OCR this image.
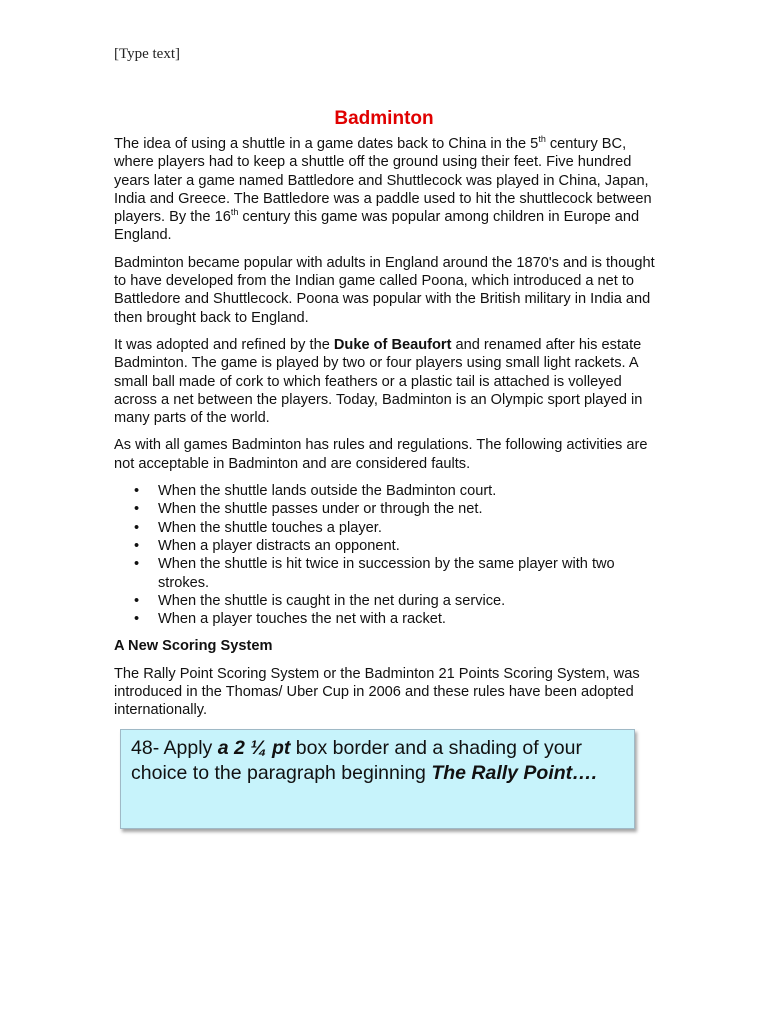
[Type text]
Badminton

The idea of using a shuttle in a game dates back to China in the 5th century BC, where players had to keep a shuttle off the ground using their feet. Five hundred years later a game named Battledore and Shuttlecock was played in China, Japan, India and Greece. The Battledore was a paddle used to hit the shuttlecock between players. By the 16th century this game was popular among children in Europe and England.

Badminton became popular with adults in England around the 1870's and is thought to have developed from the Indian game called Poona, which introduced a net to Battledore and Shuttlecock. Poona was popular with the British military in India and then brought back to England.

It was adopted and refined by the Duke of Beaufort and renamed after his estate Badminton. The game is played by two or four players using small light rackets. A small ball made of cork to which feathers or a plastic tail is attached is volleyed across a net between the players. Today, Badminton is an Olympic sport played in many parts of the world.

As with all games Badminton has rules and regulations. The following activities are not acceptable in Badminton and are considered faults.

• When the shuttle lands outside the Badminton court.
• When the shuttle passes under or through the net.
• When the shuttle touches a player.
• When a player distracts an opponent.
• When the shuttle is hit twice in succession by the same player with two strokes.
• When the shuttle is caught in the net during a service.
• When a player touches the net with a racket.

A New Scoring System

The Rally Point Scoring System or the Badminton 21 Points Scoring System, was introduced in the Thomas/ Uber Cup in 2006 and these rules have been adopted internationally.

48- Apply a 2 ¼ pt box border and a shading of your choice to the paragraph beginning The Rally Point….
